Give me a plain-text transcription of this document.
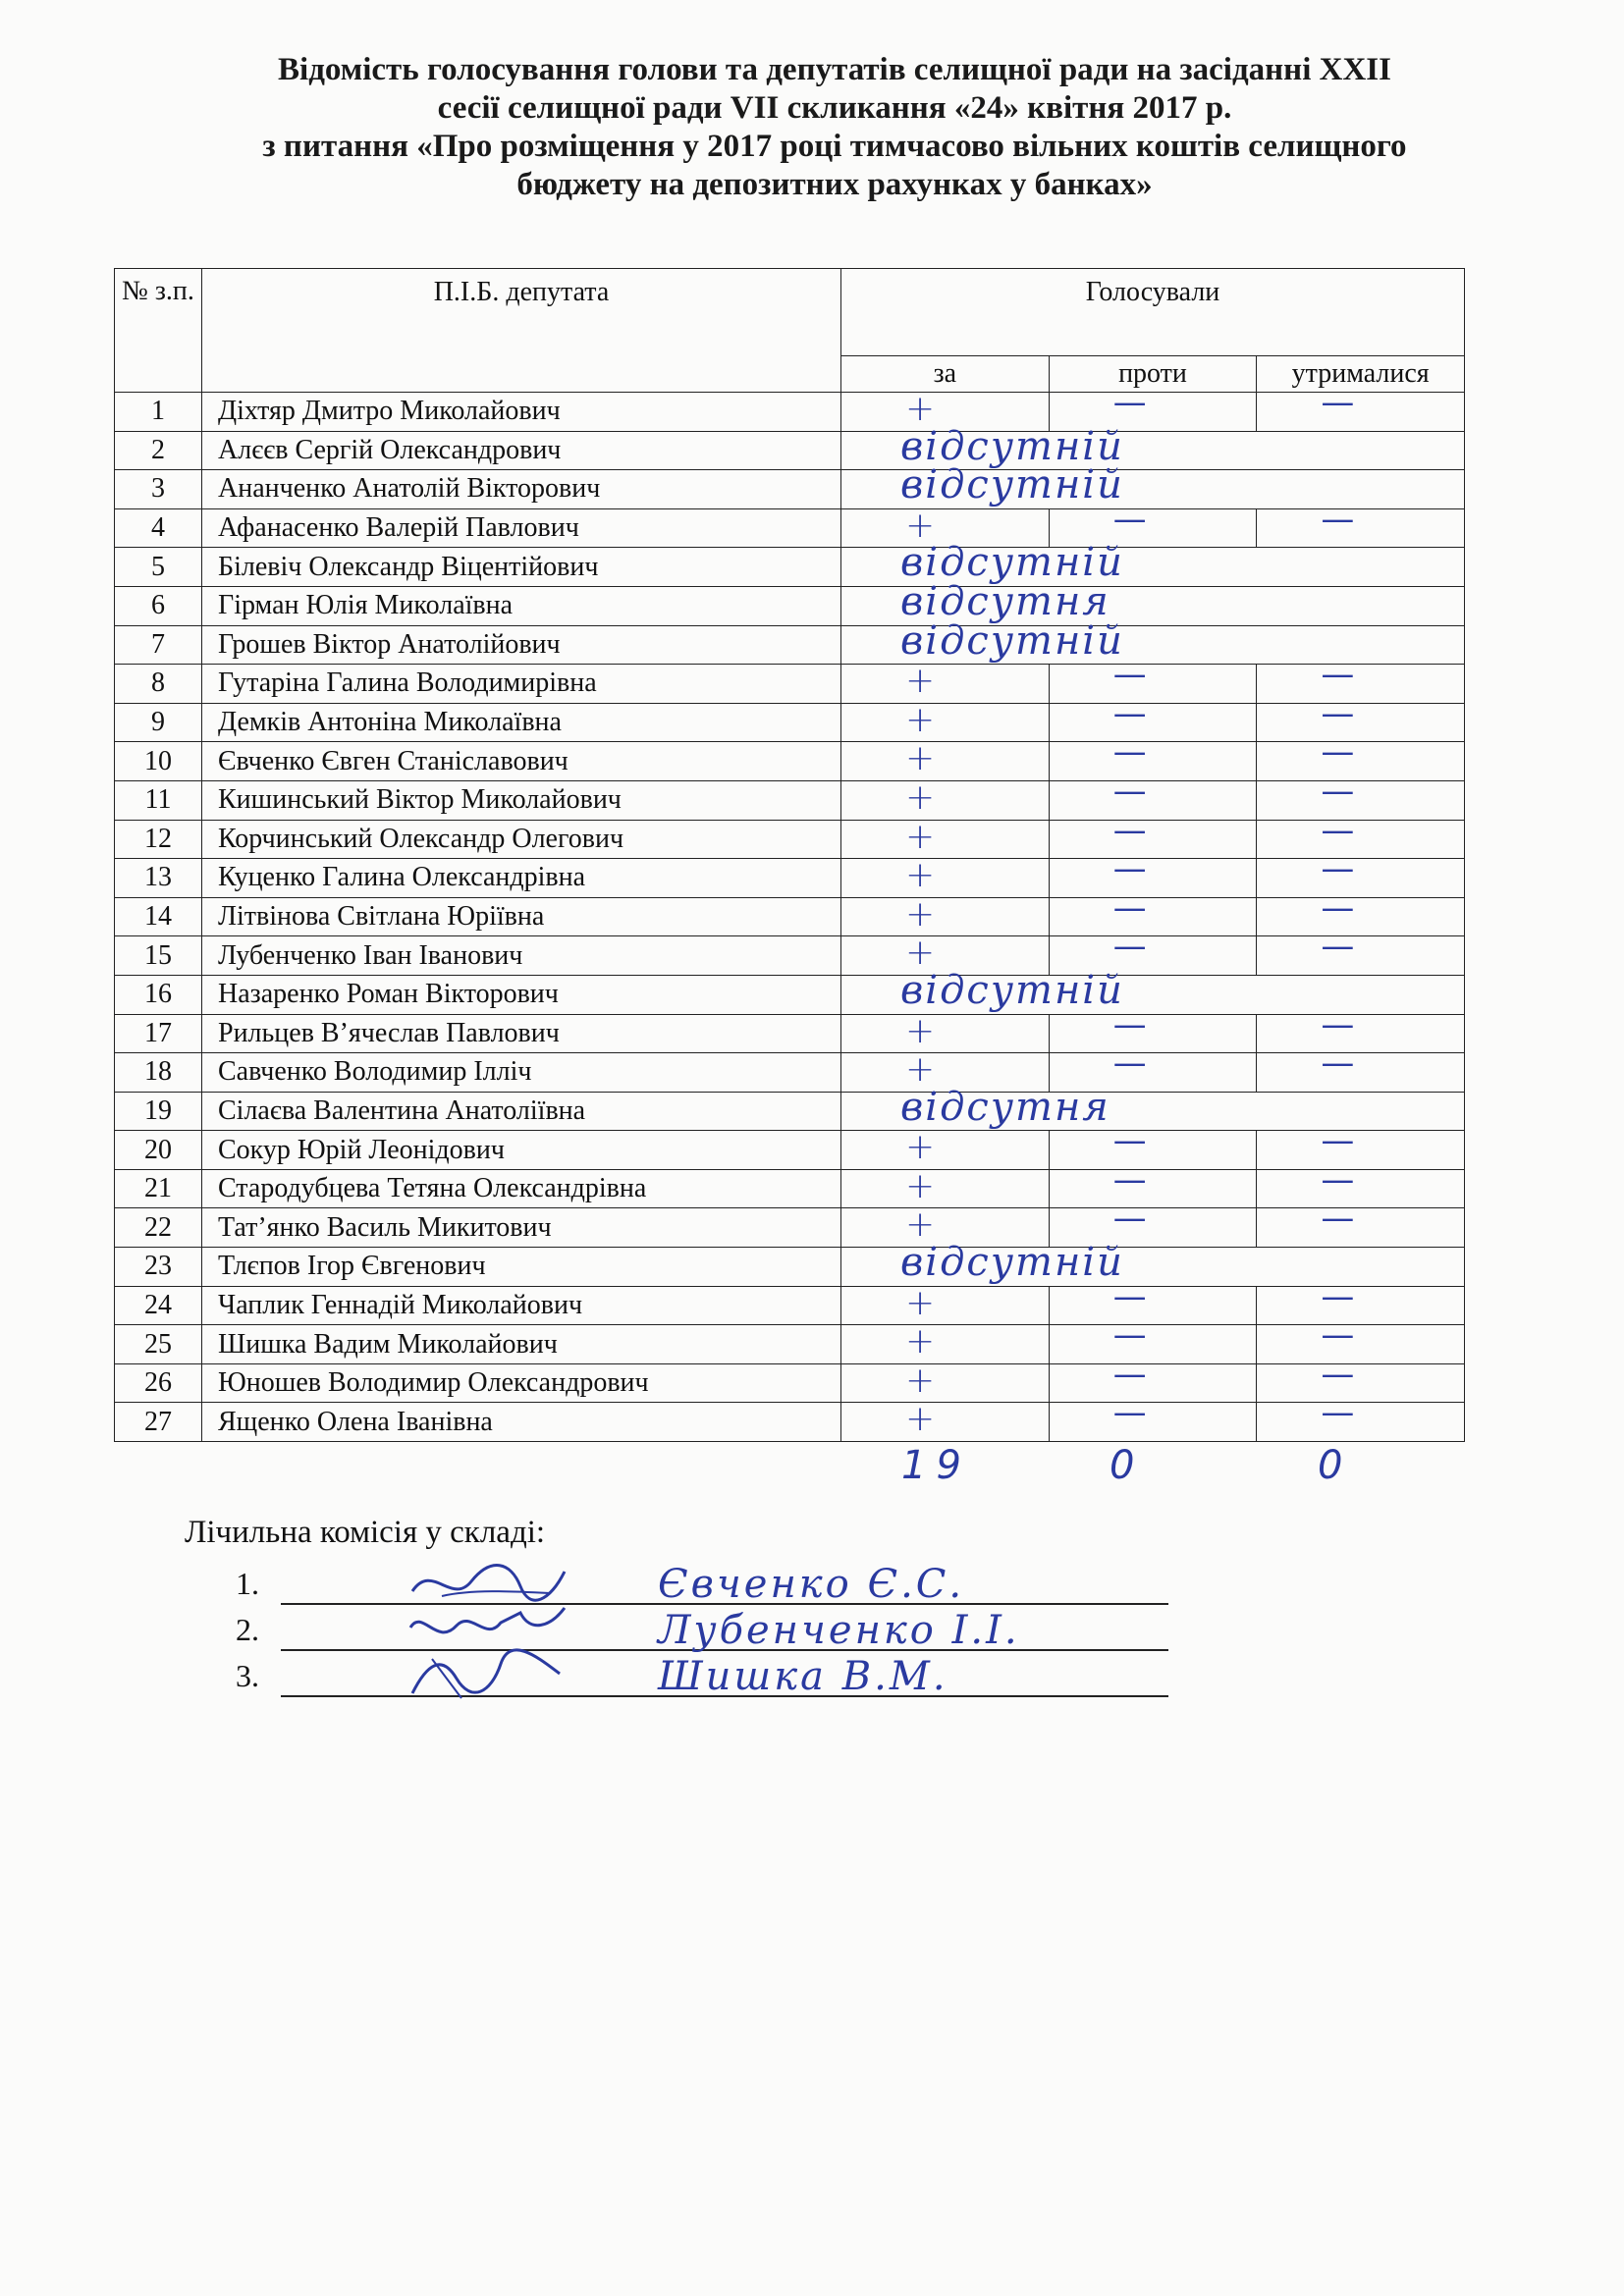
Відомість голосування голови та депутатів селищної ради на засіданні XXII
сесії селищної ради VII скликання «24» квітня 2017 р.
з питання «Про розміщення у 2017 році тимчасово вільних коштів селищного
бюджету на депозитних рахунках у банках»
№ з.п.	П.І.Б. депутата	Голосували		
		за	проти	утрималися
1	Діхтяр Дмитро Миколайович	+	—	—

2	Алєєв Сергій Олександрович	відсутній		

3	Ананченко Анатолій Вікторович	відсутній		

4	Афанасенко Валерій Павлович	+	—	—

5	Білевіч Олександр Віцентійович	відсутній		

6	Гірман Юлія Миколаївна	відсутня		

7	Грошев Віктор Анатолійович	відсутній		

8	Гутаріна Галина Володимирівна	+	—	—

9	Демків Антоніна Миколаївна	+	—	—

10	Євченко Євген Станіславович	+	—	—

11	Кишинський Віктор Миколайович	+	—	—

12	Корчинський Олександр Олегович	+	—	—

13	Куценко Галина Олександрівна	+	—	—

14	Літвінова Світлана Юріївна	+	—	—

15	Лубенченко Іван Іванович	+	—	—

16	Назаренко Роман Вікторович	відсутній		

17	Рильцев В’ячеслав Павлович	+	—	—

18	Савченко Володимир Ілліч	+	—	—

19	Сілаєва Валентина Анатоліївна	відсутня		

20	Сокур Юрій Леонідович	+	—	—

21	Стародубцева Тетяна Олександрівна	+	—	—

22	Тат’янко Василь Микитович	+	—	—

23	Тлєпов Ігор Євгенович	відсутній		

24	Чаплик Геннадій Миколайович	+	—	—

25	Шишка Вадим Миколайович	+	—	—

26	Юношев Володимир Олександрович	+	—	—

27	Ященко Олена Іванівна	+	—	—
19	0	0
Лічильна комісія у складі:
1.	Євченко Є.С.
2.	Лубенченко І.І.
3.	Шишка В.М.
